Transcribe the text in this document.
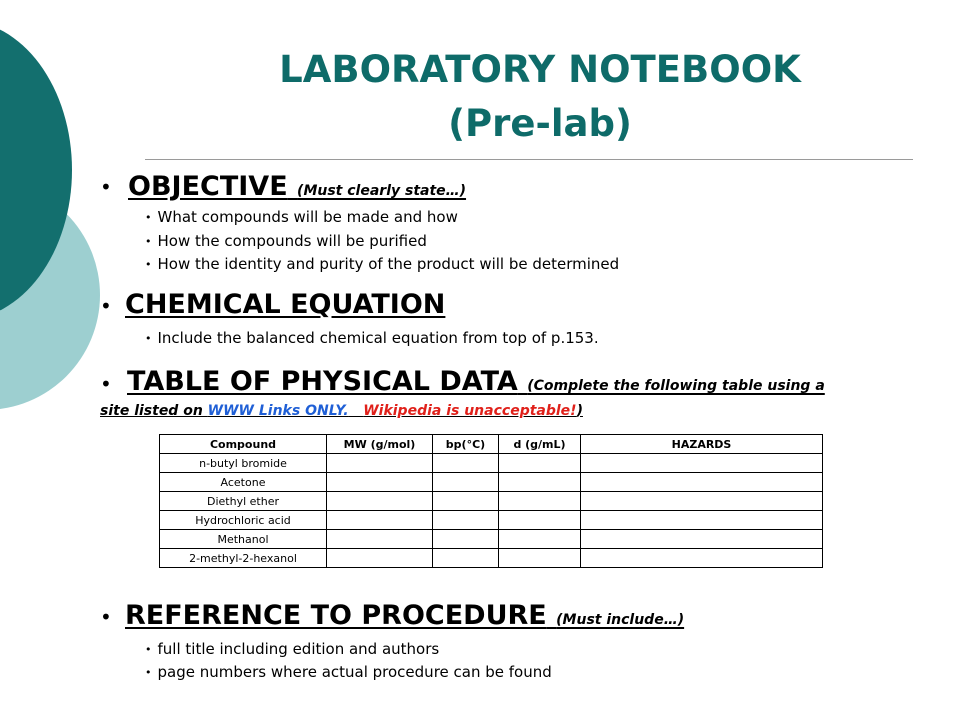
LABORATORY NOTEBOOK
(Pre-lab)
• OBJECTIVE (Must clearly state…)
• What compounds will be made and how
• How the compounds will be purified
• How the identity and purity of the product will be determined
• CHEMICAL EQUATION
• Include the balanced chemical equation from top of p.153.
• TABLE OF PHYSICAL DATA (Complete the following table using a
site listed on WWW Links ONLY. Wikipedia is unacceptable!)
Compound	MW (g/mol)	bp(°C)	d (g/mL)	HAZARDS
n-butyl bromide				
Acetone				
Diethyl ether				
Hydrochloric acid				
Methanol				
2-methyl-2-hexanol				
• REFERENCE TO PROCEDURE (Must include…)
• full title including edition and authors
• page numbers where actual procedure can be found
